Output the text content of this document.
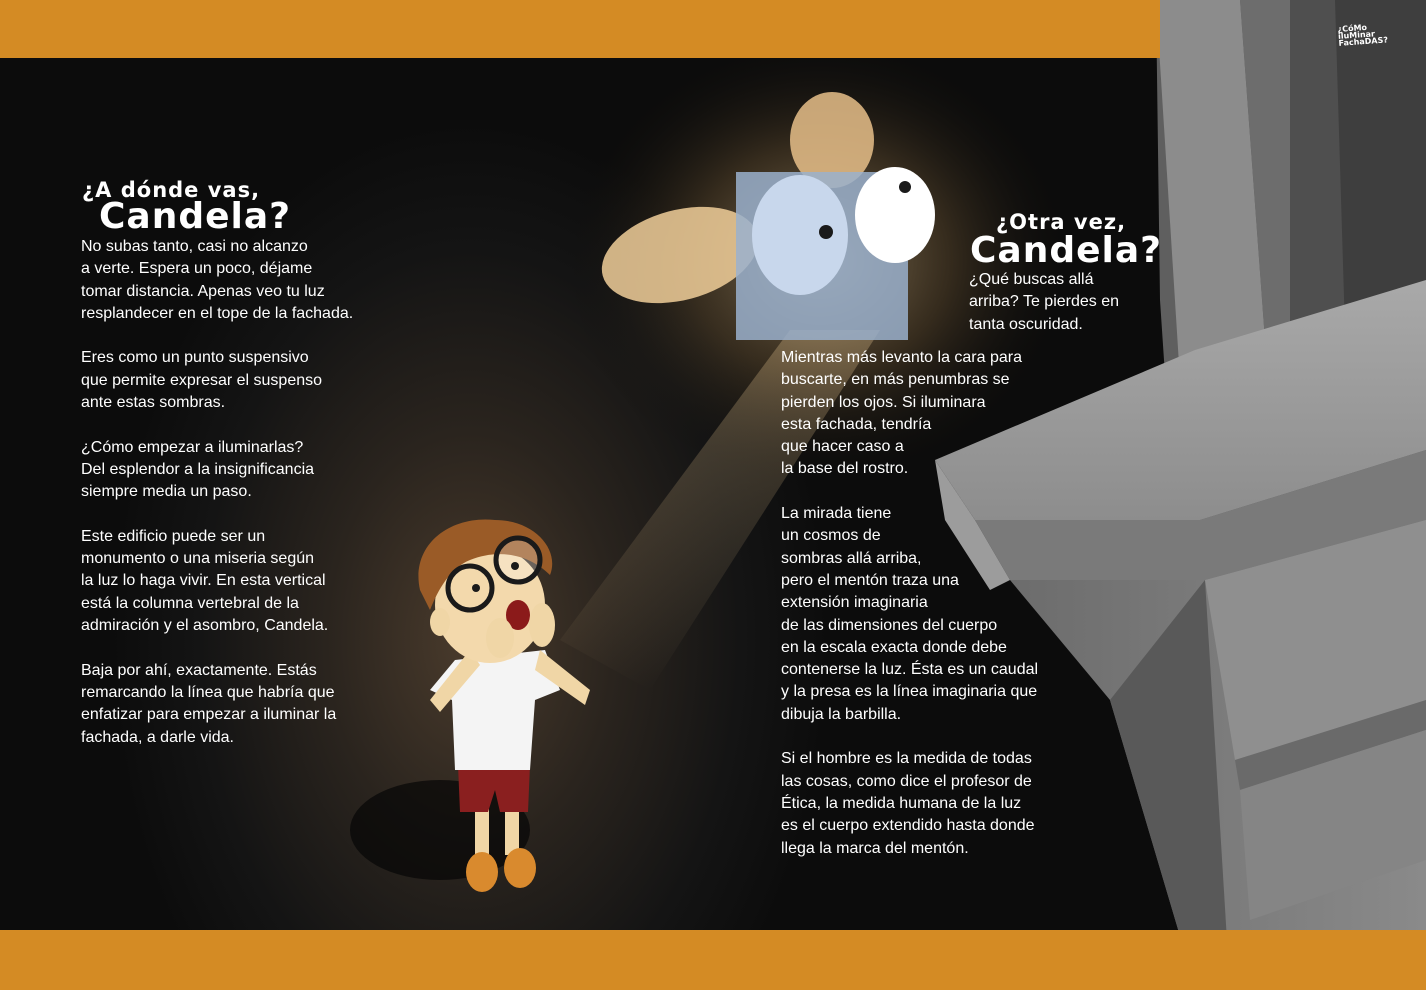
¿CóMo iluMinar FachaDAS?
¿A dónde vas,
Candela?
No subas tanto, casi no alcanzo
a verte. Espera un poco, déjame
tomar distancia. Apenas veo tu luz
resplandecer en el tope de la fachada.

Eres como un punto suspensivo
que permite expresar el suspenso
ante estas sombras.

¿Cómo empezar a iluminarlas?
Del esplendor a la insignificancia
siempre media un paso.

Este edificio puede ser un
monumento o una miseria según
la luz lo haga vivir. En esta vertical
está la columna vertebral de la
admiración y el asombro, Candela.

Baja por ahí, exactamente. Estás
remarcando la línea que habría que
enfatizar para empezar a iluminar la
fachada, a darle vida.
¿Otra vez,
Candela?
¿Qué buscas allá
arriba? Te pierdes en
tanta oscuridad.
Mientras más levanto la cara para
buscarte, en más penumbras se
pierden los ojos. Si iluminara
esta fachada, tendría
que hacer caso a
la base del rostro.

La mirada tiene
un cosmos de
sombras allá arriba,
pero el mentón traza una
extensión imaginaria
de las dimensiones del cuerpo
en la escala exacta donde debe
contenerse la luz. Ésta es un caudal
y la presa es la línea imaginaria que
dibuja la barbilla.

Si el hombre es la medida de todas
las cosas, como dice el profesor de
Ética, la medida humana de la luz
es el cuerpo extendido hasta donde
llega la marca del mentón.
